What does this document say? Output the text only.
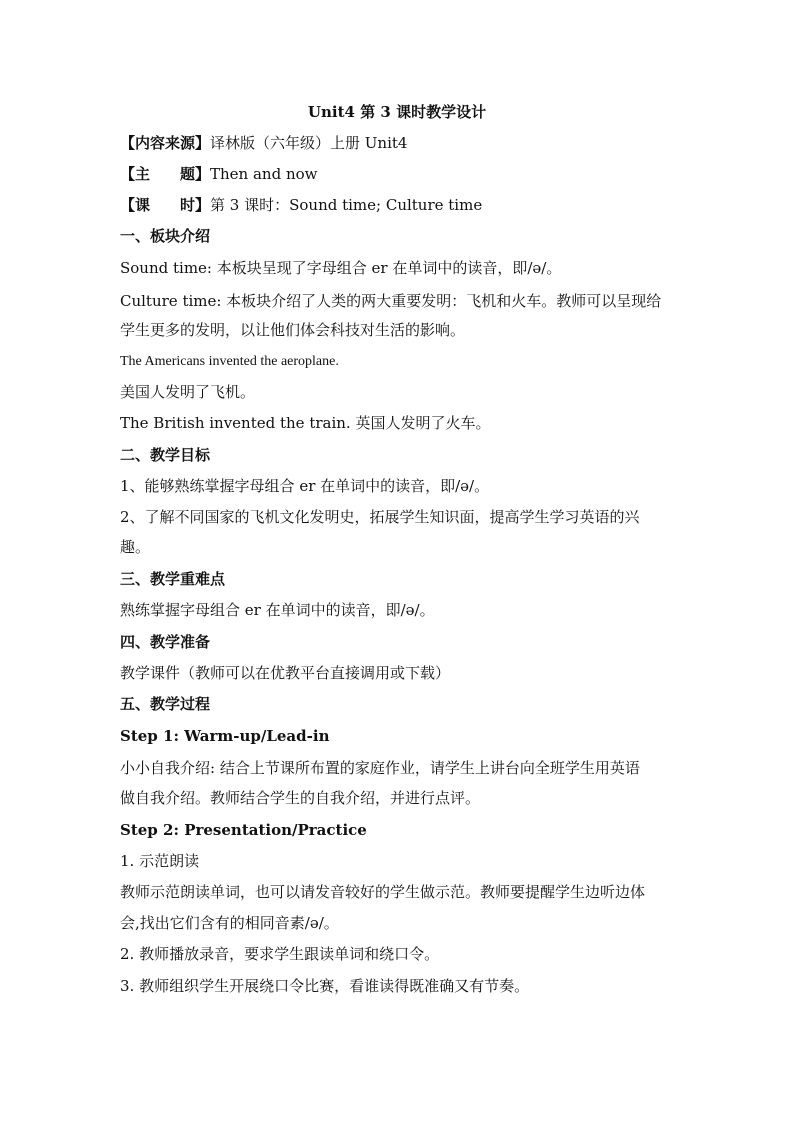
Unit4 第 3 课时教学设计
【内容来源】译林版（六年级）上册 Unit4
【主　　题】Then and now
【课　　时】第 3 课时：Sound time; Culture time
一、板块介绍
Sound time: 本板块呈现了字母组合 er 在单词中的读音，即/ə/。
Culture time: 本板块介绍了人类的两大重要发明：飞机和火车。教师可以呈现给
学生更多的发明，以让他们体会科技对生活的影响。
The Americans invented the aeroplane.
美国人发明了飞机。
The British invented the train. 英国人发明了火车。
二、教学目标
1、能够熟练掌握字母组合 er 在单词中的读音，即/ə/。
2、了解不同国家的飞机文化发明史，拓展学生知识面，提高学生学习英语的兴
趣。
三、教学重难点
熟练掌握字母组合 er 在单词中的读音，即/ə/。
四、教学准备
教学课件（教师可以在优教平台直接调用或下载）
五、教学过程
Step 1: Warm-up/Lead-in
小小自我介绍: 结合上节课所布置的家庭作业，请学生上讲台向全班学生用英语
做自我介绍。教师结合学生的自我介绍，并进行点评。
Step 2: Presentation/Practice
1. 示范朗读
教师示范朗读单词，也可以请发音较好的学生做示范。教师要提醒学生边听边体
会,找出它们含有的相同音素/ə/。
2. 教师播放录音，要求学生跟读单词和绕口令。
3. 教师组织学生开展绕口令比赛，看谁读得既准确又有节奏。
